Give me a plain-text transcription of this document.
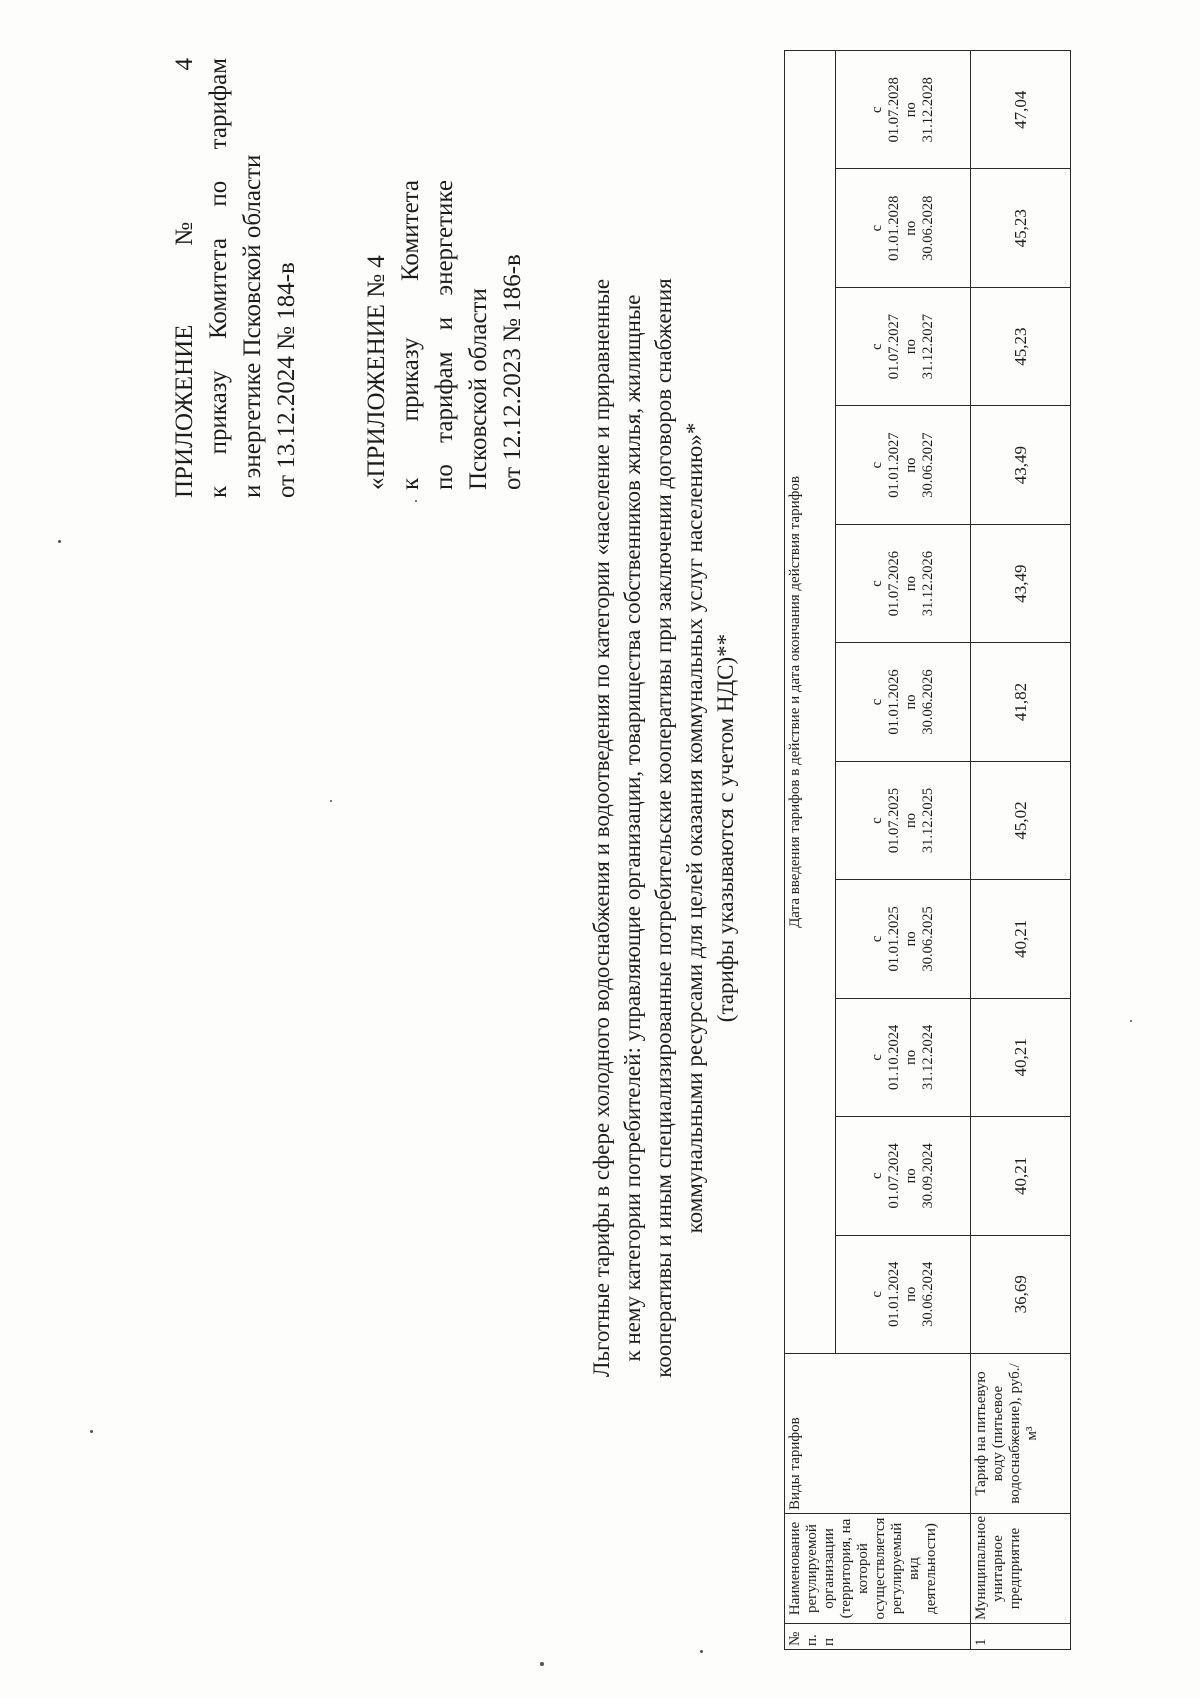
ПРИЛОЖЕНИЕ № 4 к приказу Комитета по тарифам и энергетике Псковской области от 13.12.2024 № 184-в	«ПРИЛОЖЕНИЕ № 4 к приказу Комитета по тарифам и энергетике Псковской области от 12.12.2023 № 186-в	Льготные тарифы в сфере холодного водоснабжения и водоотведения по категории «население и приравненные к нему категории потребителей: управляющие организации, товарищества собственников жилья, жилищные кооперативы и иным специализированные потребительские кооперативы при заключении договоров снабжения коммунальными ресурсами для целей оказания коммунальных услуг населению»* (тарифы указываются с учетом НДС)**
№ п. п	Наименование регулируемой организации (территория, на которой осуществляется регулируемый вид деятельности)	Виды тарифов	Дата введения тарифов в действие и дата окончания действия тарифов										

			с 01.01.2024 по 30.06.2024	с 01.07.2024 по 30.09.2024	с 01.10.2024 по 31.12.2024	с 01.01.2025 по 30.06.2025	с 01.07.2025 по 31.12.2025	с 01.01.2026 по 30.06.2026	с 01.07.2026 по 31.12.2026	с 01.01.2027 по 30.06.2027	с 01.07.2027 по 31.12.2027	с 01.01.2028 по 30.06.2028	с 01.07.2028 по 31.12.2028

1	Муниципальное унитарное предприятие	Тариф на питьевую воду (питьевое водоснабжение), руб./м³	36,69	40,21	40,21	40,21	45,02	41,82	43,49	43,49	45,23	45,23	47,04
